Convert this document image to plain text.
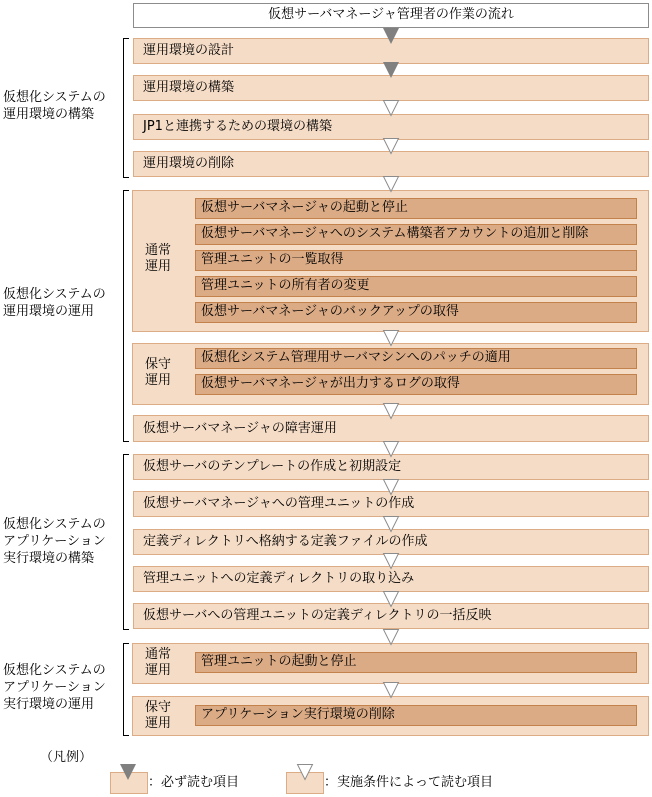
仮想サーバマネージャ管理者の作業の流れ
仮想化システムの
運用環境の構築
運用環境の設計
運用環境の構築
JP1と連携するための環境の構築
運用環境の削除
仮想化システムの
運用環境の運用
通常
運用
仮想サーバマネージャの起動と停止
仮想サーバマネージャへのシステム構築者アカウントの追加と削除
管理ユニットの一覧取得
管理ユニットの所有者の変更
仮想サーバマネージャのバックアップの取得
保守
運用
仮想化システム管理用サーバマシンへのパッチの適用
仮想サーバマネージャが出力するログの取得
仮想サーバマネージャの障害運用
仮想化システムの
アプリケーション
実行環境の構築
仮想サーバのテンプレートの作成と初期設定
仮想サーバマネージャへの管理ユニットの作成
定義ディレクトリへ格納する定義ファイルの作成
管理ユニットへの定義ディレクトリの取り込み
仮想サーバへの管理ユニットの定義ディレクトリの一括反映
仮想化システムの
アプリケーション
実行環境の運用
通常
運用
管理ユニットの起動と停止
保守
運用
アプリケーション実行環境の削除
（凡例）
：必ず読む項目	：実施条件によって読む項目
